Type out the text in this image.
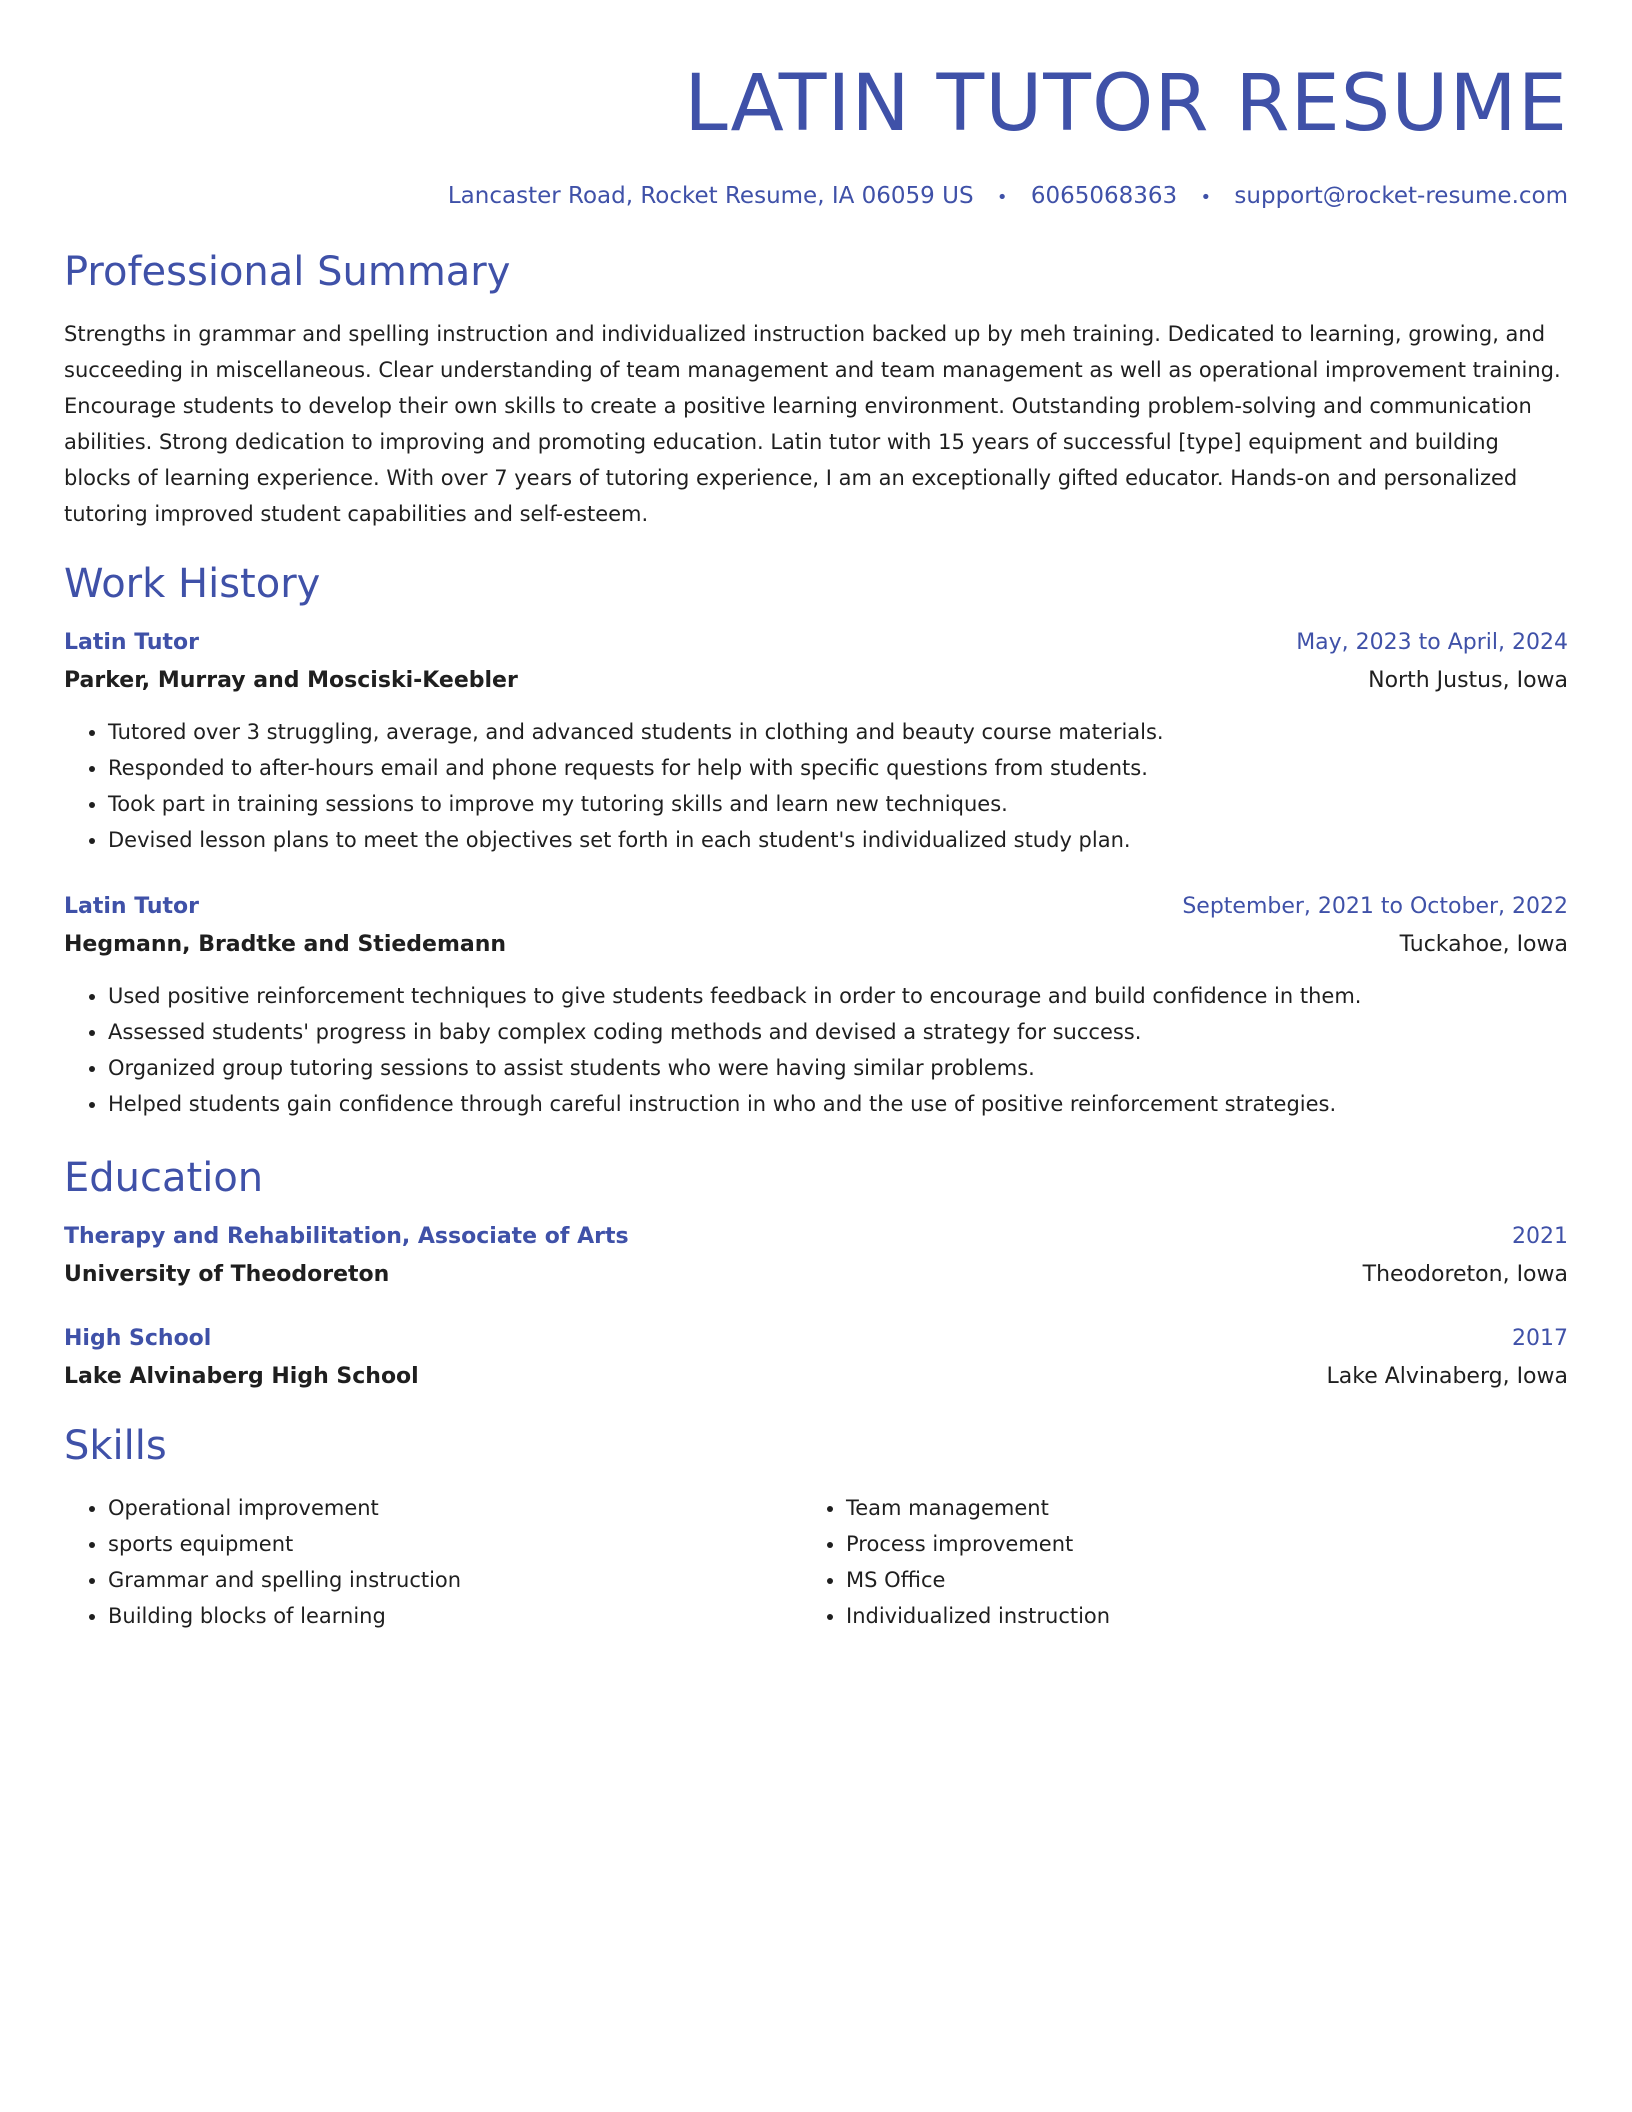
LATIN TUTOR RESUME
Lancaster Road, Rocket Resume, IA 06059 US • 6065068363 • support@rocket-resume.com
Professional Summary

Strengths in grammar and spelling instruction and individualized instruction backed up by meh training. Dedicated to learning, growing, and succeeding in miscellaneous. Clear understanding of team management and team management as well as operational improvement training. Encourage students to develop their own skills to create a positive learning environment. Outstanding problem-solving and communication abilities. Strong dedication to improving and promoting education. Latin tutor with 15 years of successful [type] equipment and building blocks of learning experience. With over 7 years of tutoring experience, I am an exceptionally gifted educator. Hands-on and personalized tutoring improved student capabilities and self-esteem.

Work History
Latin Tutor	May, 2023 to April, 2024
Parker, Murray and Mosciski-Keebler	North Justus, Iowa
• Tutored over 3 struggling, average, and advanced students in clothing and beauty course materials.
• Responded to after-hours email and phone requests for help with specific questions from students.
• Took part in training sessions to improve my tutoring skills and learn new techniques.
• Devised lesson plans to meet the objectives set forth in each student's individualized study plan.
Latin Tutor	September, 2021 to October, 2022
Hegmann, Bradtke and Stiedemann	Tuckahoe, Iowa
• Used positive reinforcement techniques to give students feedback in order to encourage and build confidence in them.
• Assessed students' progress in baby complex coding methods and devised a strategy for success.
• Organized group tutoring sessions to assist students who were having similar problems.
• Helped students gain confidence through careful instruction in who and the use of positive reinforcement strategies.
Education
Therapy and Rehabilitation, Associate of Arts	2021
University of Theodoreton	Theodoreton, Iowa
High School	2017
Lake Alvinaberg High School	Lake Alvinaberg, Iowa
Skills
• Operational improvement
• sports equipment
• Grammar and spelling instruction
• Building blocks of learning
• Team management
• Process improvement
• MS Office
• Individualized instruction
